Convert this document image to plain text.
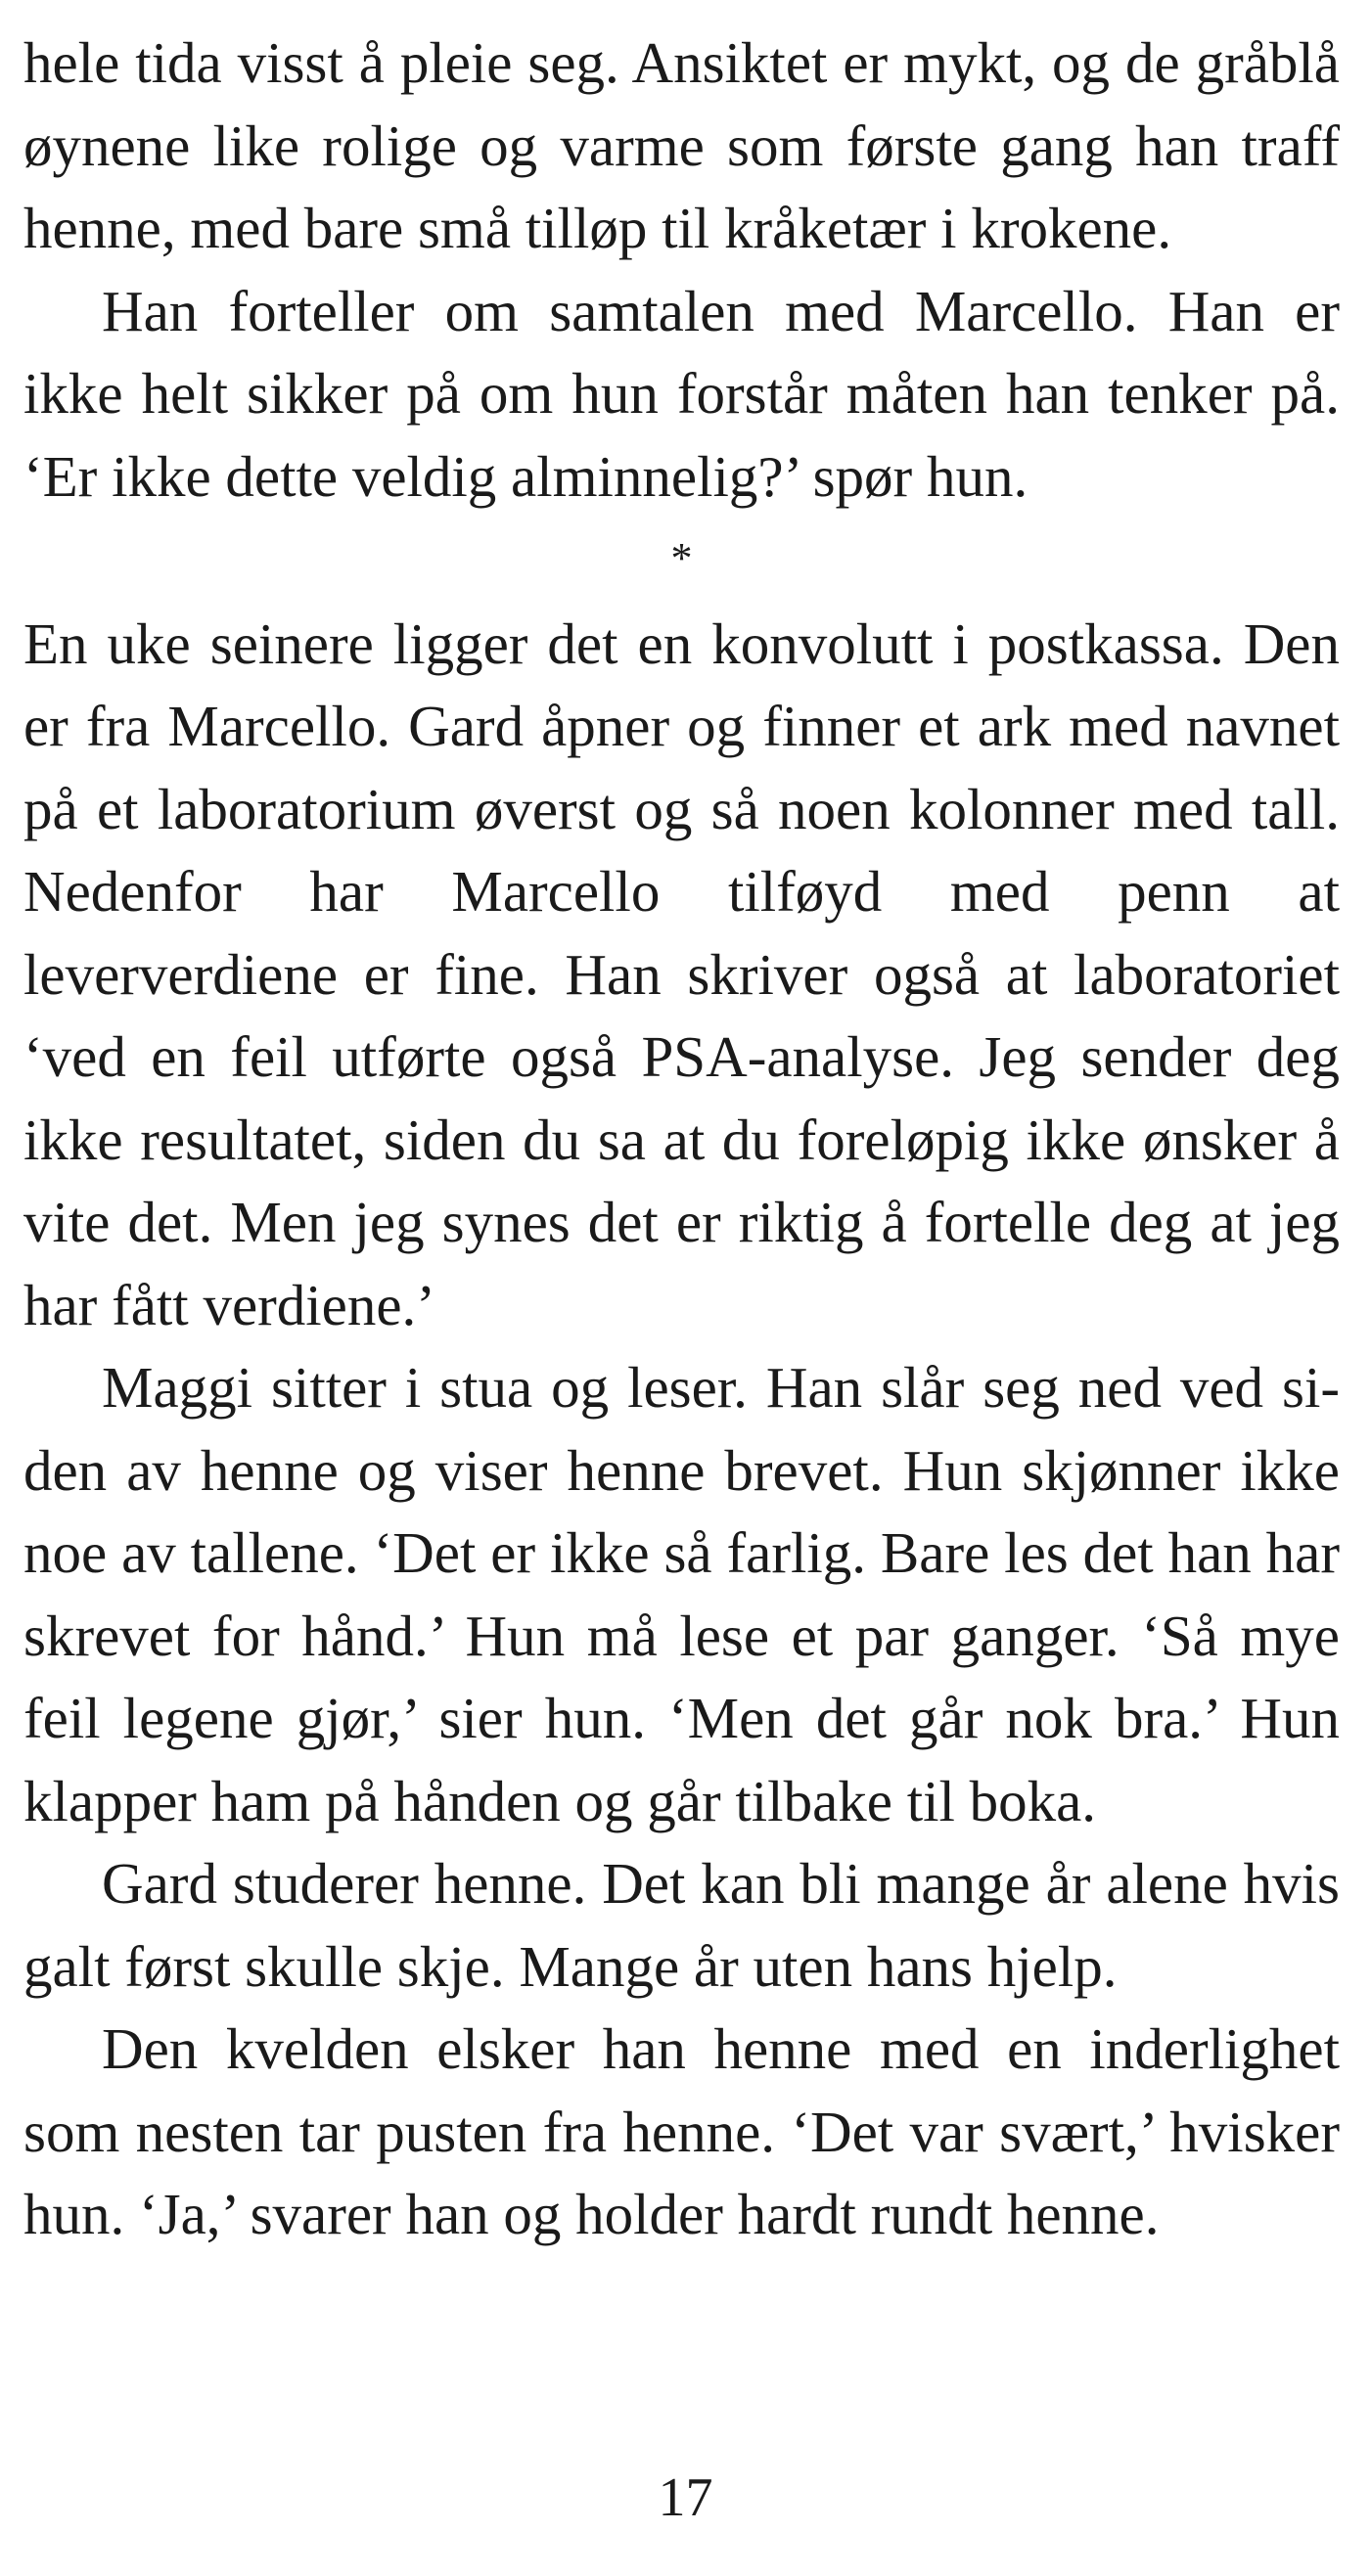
hele tida visst å pleie seg. Ansiktet er mykt, og de gråblå øynene like rolige og varme som første gang han traff henne, med bare små tilløp til kråketær i krokene.

Han forteller om samtalen med Marcello. Han er ikke helt sikker på om hun forstår måten han tenker på. ‘Er ikke dette veldig alminnelig?’ spør hun.

*

En uke seinere ligger det en konvolutt i postkassa. Den er fra Marcello. Gard åpner og finner et ark med navnet på et laboratorium øverst og så noen kolonner med tall. Nedenfor har Marcello tilføyd med penn at leververdiene er fine. Han skriver også at laboratoriet ‘ved en feil utførte også PSA-analyse. Jeg sender deg ikke resultatet, siden du sa at du foreløpig ikke ønsker å vite det. Men jeg synes det er riktig å fortelle deg at jeg har fått verdiene.’

Maggi sitter i stua og leser. Han slår seg ned ved siden av henne og viser henne brevet. Hun skjønner ikke noe av tallene. ‘Det er ikke så farlig. Bare les det han har skrevet for hånd.’ Hun må lese et par ganger. ‘Så mye feil legene gjør,’ sier hun. ‘Men det går nok bra.’ Hun klapper ham på hånden og går tilbake til boka.

Gard studerer henne. Det kan bli mange år alene hvis galt først skulle skje. Mange år uten hans hjelp.

Den kvelden elsker han henne med en inderlighet som nesten tar pusten fra henne. ‘Det var svært,’ hvisker hun. ‘Ja,’ svarer han og holder hardt rundt henne.

17
